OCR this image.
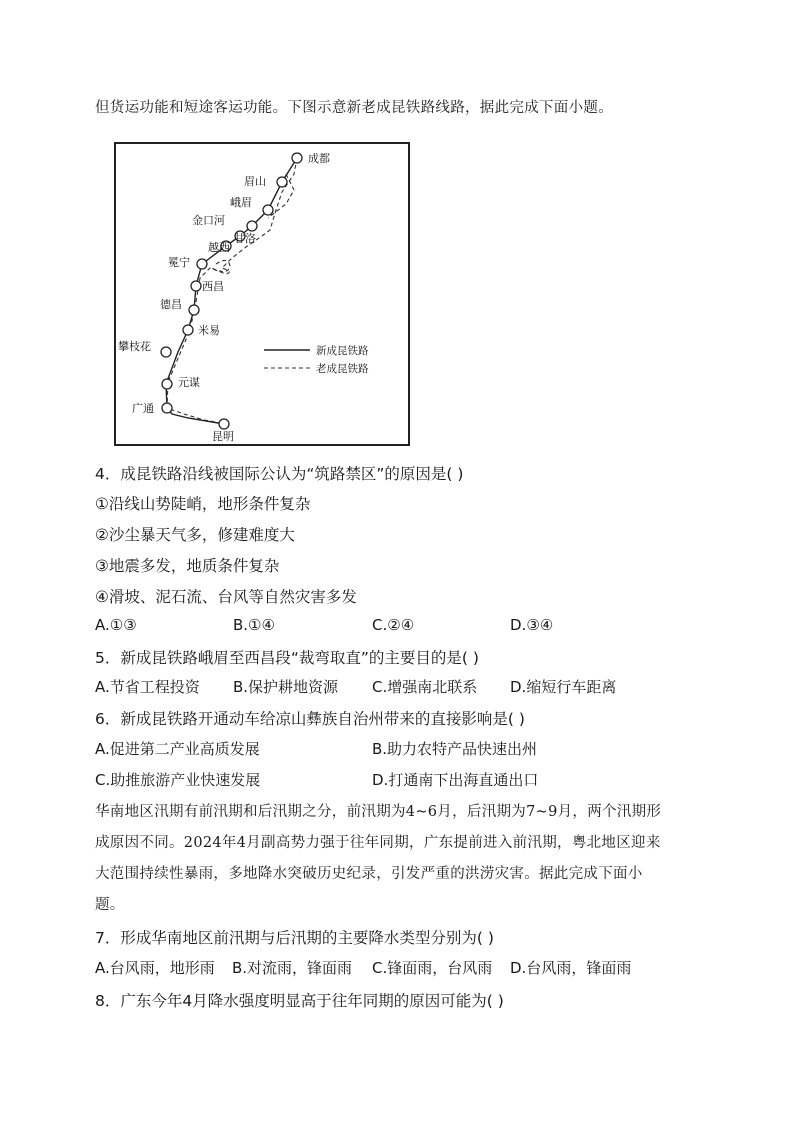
但货运功能和短途客运功能。下图示意新老成昆铁路线路，据此完成下面小题。
成都
眉山
峨眉
金口河
甘洛
越西
冕宁
西昌
德昌
米易
攀枝花
元谋
广通
昆明
新成昆铁路
老成昆铁路
4．成昆铁路沿线被国际公认为“筑路禁区”的原因是( )
①沿线山势陡峭，地形条件复杂
②沙尘暴天气多，修建难度大
③地震多发，地质条件复杂
④滑坡、泥石流、台风等自然灾害多发
A.①③	B.①④	C.②④	D.③④
5．新成昆铁路峨眉至西昌段“裁弯取直”的主要目的是( )
A.节省工程投资 B.保护耕地资源 C.增强南北联系 D.缩短行车距离
6．新成昆铁路开通动车给凉山彝族自治州带来的直接影响是( )
A.促进第二产业高质发展	B.助力农特产品快速出州
C.助推旅游产业快速发展	D.打通南下出海直通出口
华南地区汛期有前汛期和后汛期之分，前汛期为4~6月，后汛期为7~9月，两个汛期形
成原因不同。2024年4月副高势力强于往年同期，广东提前进入前汛期，粤北地区迎来
大范围持续性暴雨，多地降水突破历史纪录，引发严重的洪涝灾害。据此完成下面小
题。
7．形成华南地区前汛期与后汛期的主要降水类型分别为( )
A.台风雨，地形雨 B.对流雨，锋面雨 C.锋面雨，台风雨 D.台风雨，锋面雨
8．广东今年4月降水强度明显高于往年同期的原因可能为( )
